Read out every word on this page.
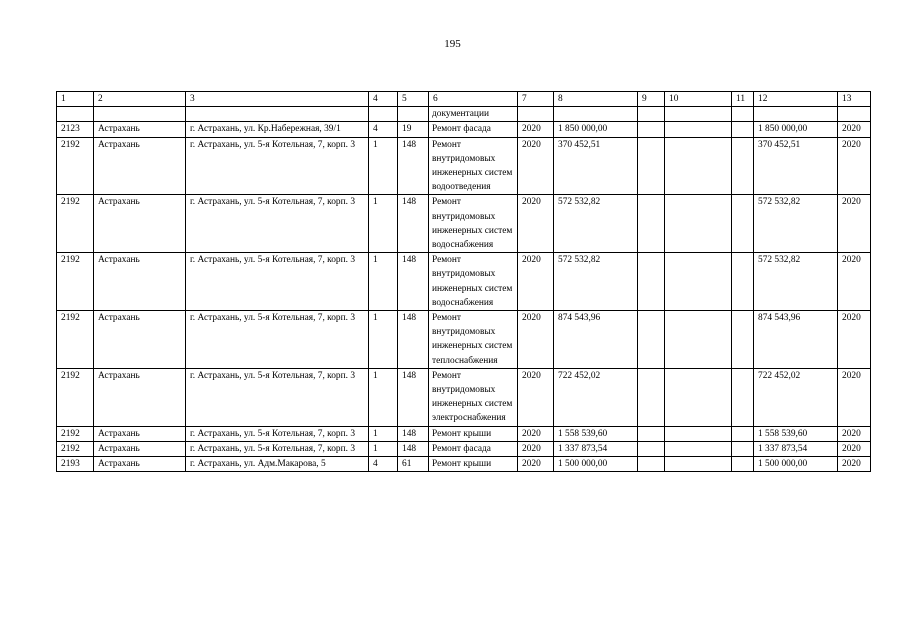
195
1	2	3	4	5	6	7	8	9	10	11	12	13
					документации							
2123	Астрахань	г. Астрахань, ул. Кр.Набережная, 39/1	4	19	Ремонт фасада	2020	1 850 000,00				1 850 000,00	2020
2192	Астрахань	г. Астрахань, ул. 5-я Котельная, 7, корп. 3	1	148	Ремонт внутридомовых инженерных систем водоотведения	2020	370 452,51				370 452,51	2020
2192	Астрахань	г. Астрахань, ул. 5-я Котельная, 7, корп. 3	1	148	Ремонт внутридомовых инженерных систем водоснабжения	2020	572 532,82				572 532,82	2020
2192	Астрахань	г. Астрахань, ул. 5-я Котельная, 7, корп. 3	1	148	Ремонт внутридомовых инженерных систем водоснабжения	2020	572 532,82				572 532,82	2020
2192	Астрахань	г. Астрахань, ул. 5-я Котельная, 7, корп. 3	1	148	Ремонт внутридомовых инженерных систем теплоснабжения	2020	874 543,96				874 543,96	2020
2192	Астрахань	г. Астрахань, ул. 5-я Котельная, 7, корп. 3	1	148	Ремонт внутридомовых инженерных систем электроснабжения	2020	722 452,02				722 452,02	2020
2192	Астрахань	г. Астрахань, ул. 5-я Котельная, 7, корп. 3	1	148	Ремонт крыши	2020	1 558 539,60				1 558 539,60	2020
2192	Астрахань	г. Астрахань, ул. 5-я Котельная, 7, корп. 3	1	148	Ремонт фасада	2020	1 337 873,54				1 337 873,54	2020
2193	Астрахань	г. Астрахань, ул. Адм.Макарова, 5	4	61	Ремонт крыши	2020	1 500 000,00				1 500 000,00	2020
